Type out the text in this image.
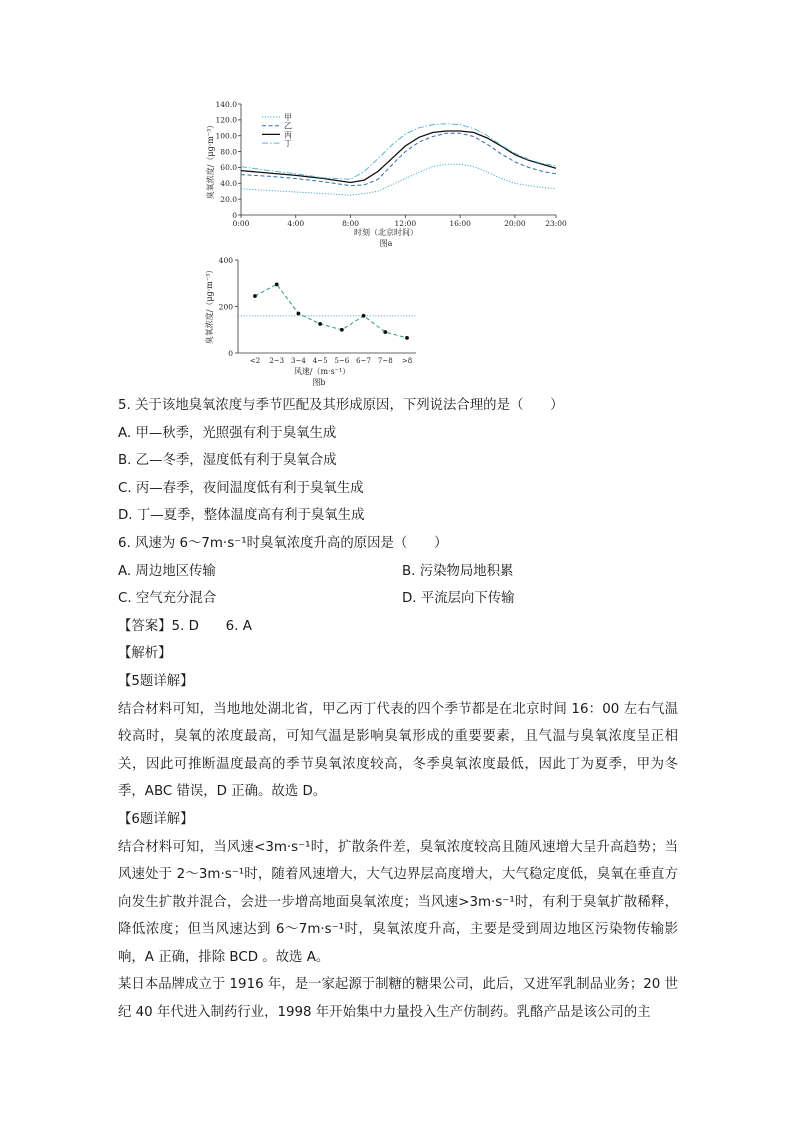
0
20.0
40.0
60.0
80.0
100.0
120.0
140.0
0:00	4:00	8:00	12:00	16:00	20:00	23:00
甲
乙
丙
丁
臭氧浓度/（μg·m⁻³）
时刻（北京时间）
图a
0
200
400
<2 2~3 3~4 4~5 5~6 6~7 7~8 >8
臭氧浓度/（μg·m⁻³）
风速/（m·s⁻¹）
图b
5. 关于该地臭氧浓度与季节匹配及其形成原因，下列说法合理的是（　　）
A. 甲—秋季，光照强有利于臭氧生成
B. 乙—冬季，湿度低有利于臭氧合成
C. 丙—春季，夜间温度低有利于臭氧生成
D. 丁—夏季，整体温度高有利于臭氧生成
6. 风速为 6～7m·s⁻¹时臭氧浓度升高的原因是（　　）
A. 周边地区传输	B. 污染物局地积累
C. 空气充分混合	D. 平流层向下传输
【答案】5. D　　6. A
【解析】
【5题详解】
结合材料可知，当地地处湖北省，甲乙丙丁代表的四个季节都是在北京时间 16：00 左右气温较高时，臭氧的浓度最高，可知气温是影响臭氧形成的重要要素，且气温与臭氧浓度呈正相关，因此可推断温度最高的季节臭氧浓度较高，冬季臭氧浓度最低，因此丁为夏季，甲为冬季，ABC 错误，D 正确。故选 D。
【6题详解】
结合材料可知，当风速<3m·s⁻¹时，扩散条件差，臭氧浓度较高且随风速增大呈升高趋势；当风速处于 2～3m·s⁻¹时，随着风速增大，大气边界层高度增大，大气稳定度低，臭氧在垂直方向发生扩散并混合，会进一步增高地面臭氧浓度；当风速>3m·s⁻¹时，有利于臭氧扩散稀释，降低浓度；但当风速达到 6～7m·s⁻¹时，臭氧浓度升高，主要是受到周边地区污染物传输影响，A 正确，排除 BCD 。故选 A。
某日本品牌成立于 1916 年，是一家起源于制糖的糖果公司，此后，又进军乳制品业务；20 世纪 40 年代进入制药行业，1998 年开始集中力量投入生产仿制药。乳酪产品是该公司的主
